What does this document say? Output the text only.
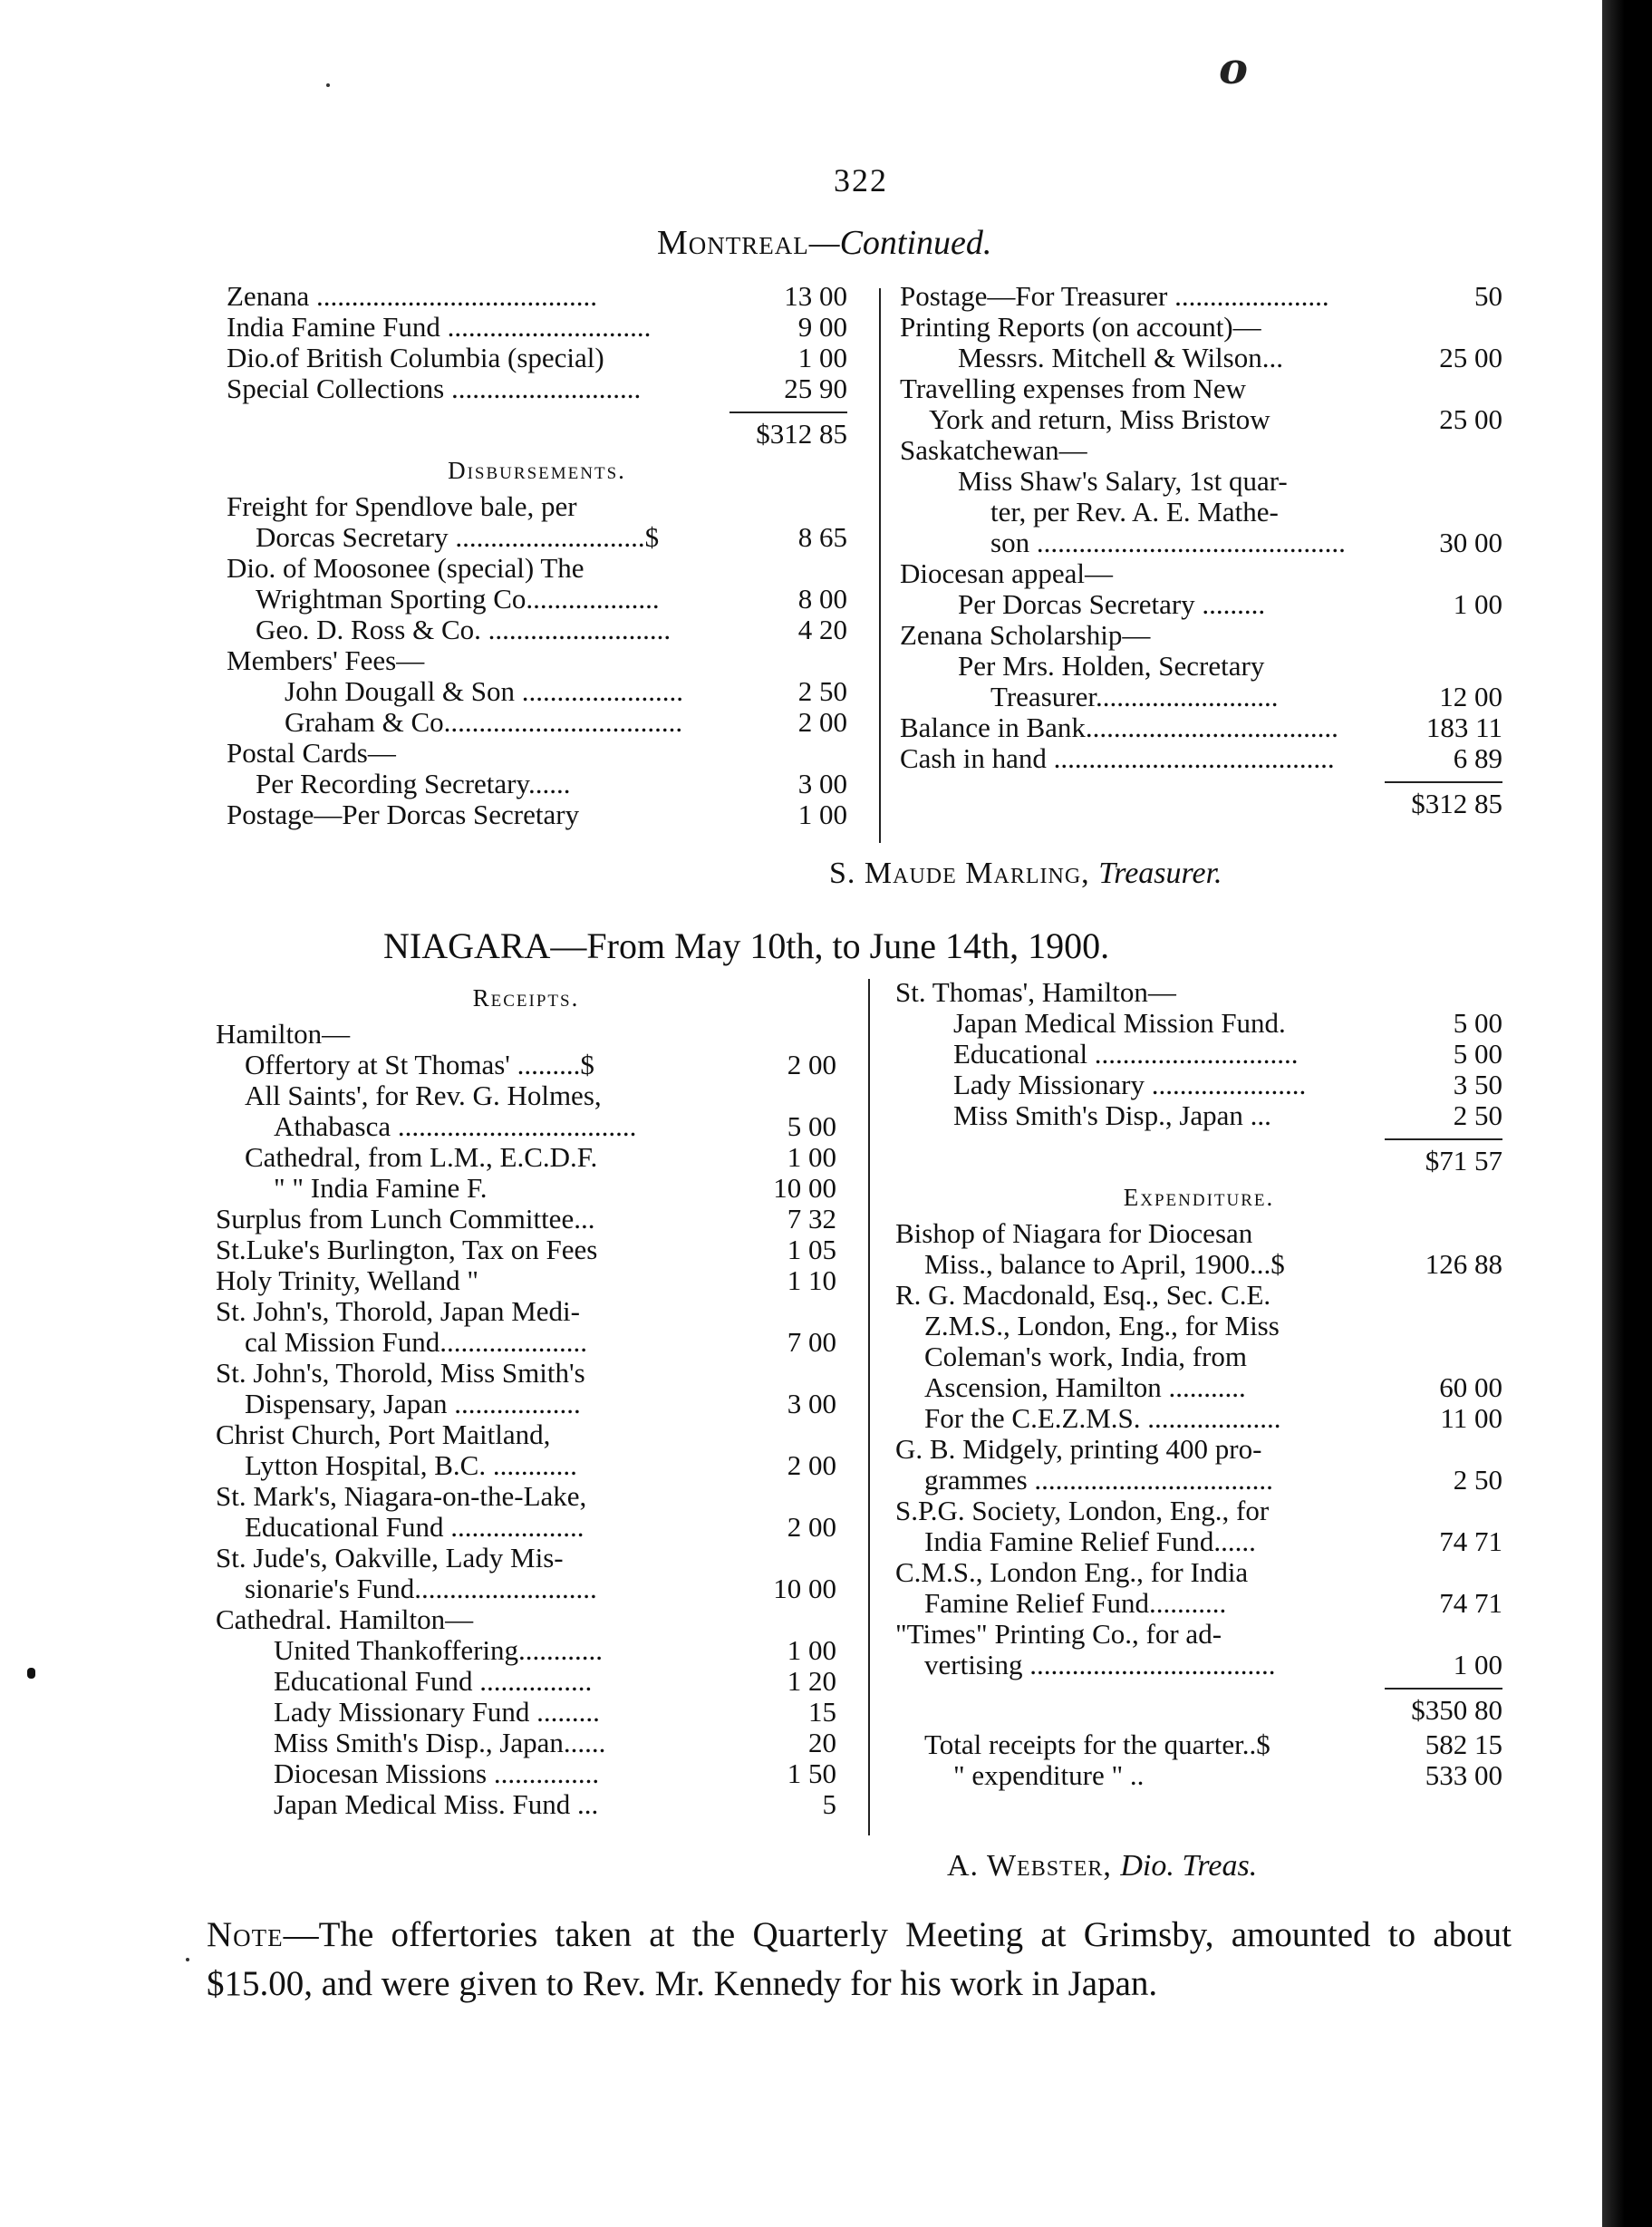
o
322
Montreal—Continued.
Zenana ........................................	13 00
India Famine Fund .............................	9 00
Dio.of British Columbia (special)	1 00
Special Collections ...........................	25 90
$312 85
Disbursements.
Freight for Spendlove bale, per
Dorcas Secretary ...........................$	8 65
Dio. of Moosonee (special) The
Wrightman Sporting Co...................	8 00
Geo. D. Ross & Co. ..........................	4 20
Members' Fees—
John Dougall & Son .......................	2 50
Graham & Co..................................	2 00
Postal Cards—
Per Recording Secretary......	3 00
Postage—Per Dorcas Secretary	1 00
Postage—For Treasurer ......................	50
Printing Reports (on account)—
Messrs. Mitchell & Wilson...	25 00
Travelling expenses from New
York and return, Miss Bristow	25 00
Saskatchewan—
Miss Shaw's Salary, 1st quar-
ter, per Rev. A. E. Mathe-
son ............................................	30 00
Diocesan appeal—
Per Dorcas Secretary .........	1 00
Zenana Scholarship—
Per Mrs. Holden, Secretary
Treasurer..........................	12 00
Balance in Bank....................................	183 11
Cash in hand ........................................	6 89
$312 85
S. Maude Marling, Treasurer.
NIAGARA—From May 10th, to June 14th, 1900.
Receipts.
Hamilton—
Offertory at St Thomas' .........$	2 00
All Saints', for Rev. G. Holmes,
Athabasca ..................................	5 00
Cathedral, from L.M., E.C.D.F.	1 00
" " India Famine F.	10 00
Surplus from Lunch Committee...	7 32
St.Luke's Burlington, Tax on Fees	1 05
Holy Trinity, Welland "	1 10
St. John's, Thorold, Japan Medi-
cal Mission Fund.....................	7 00
St. John's, Thorold, Miss Smith's
Dispensary, Japan ..................	3 00
Christ Church, Port Maitland,
Lytton Hospital, B.C. ............	2 00
St. Mark's, Niagara-on-the-Lake,
Educational Fund ...................	2 00
St. Jude's, Oakville, Lady Mis-
sionarie's Fund..........................	10 00
Cathedral. Hamilton—
United Thankoffering............	1 00
Educational Fund ................	1 20
Lady Missionary Fund .........	15
Miss Smith's Disp., Japan......	20
Diocesan Missions ...............	1 50
Japan Medical Miss. Fund ...	5
St. Thomas', Hamilton—
Japan Medical Mission Fund.	5 00
Educational .............................	5 00
Lady Missionary ......................	3 50
Miss Smith's Disp., Japan ...	2 50
$71 57
Expenditure.
Bishop of Niagara for Diocesan
Miss., balance to April, 1900...$	126 88
R. G. Macdonald, Esq., Sec. C.E.
Z.M.S., London, Eng., for Miss
Coleman's work, India, from
Ascension, Hamilton ...........	60 00
For the C.E.Z.M.S. ...................	11 00
G. B. Midgely, printing 400 pro-
grammes ..................................	2 50
S.P.G. Society, London, Eng., for
India Famine Relief Fund......	74 71
C.M.S., London Eng., for India
Famine Relief Fund...........	74 71
"Times" Printing Co., for ad-
vertising ...................................	1 00
$350 80
Total receipts for the quarter..$	582 15
" expenditure " ..	533 00
A. Webster, Dio. Treas.
Note—The offertories taken at the Quarterly Meeting at Grimsby, amounted to about $15.00, and were given to Rev. Mr. Kennedy for his work in Japan.
